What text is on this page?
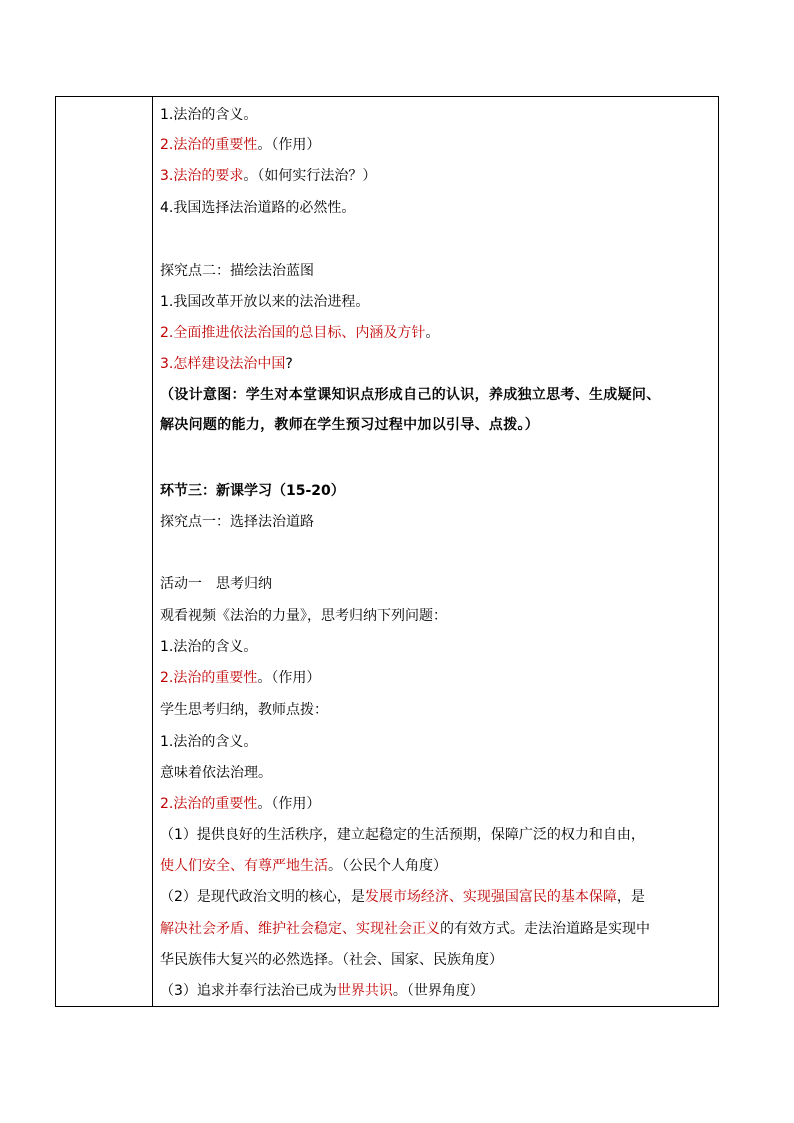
1.法治的含义。
2.法治的重要性。（作用）
3.法治的要求。（如何实行法治？）
4.我国选择法治道路的必然性。
探究点二：描绘法治蓝图
1.我国改革开放以来的法治进程。
2.全面推进依法治国的总目标、内涵及方针。
3.怎样建设法治中国?
（设计意图：学生对本堂课知识点形成自己的认识，养成独立思考、生成疑问、
解决问题的能力，教师在学生预习过程中加以引导、点拨。）
环节三：新课学习（15-20）
探究点一：选择法治道路
活动一　思考归纳
观看视频《法治的力量》，思考归纳下列问题：
1.法治的含义。
2.法治的重要性。（作用）
学生思考归纳，教师点拨：
1.法治的含义。
意味着依法治理。
2.法治的重要性。（作用）
（1）提供良好的生活秩序，建立起稳定的生活预期，保障广泛的权力和自由，
使人们安全、有尊严地生活。（公民个人角度）
（2）是现代政治文明的核心，是发展市场经济、实现强国富民的基本保障，是
解决社会矛盾、维护社会稳定、实现社会正义的有效方式。走法治道路是实现中
华民族伟大复兴的必然选择。（社会、国家、民族角度）
（3）追求并奉行法治已成为世界共识。（世界角度）
